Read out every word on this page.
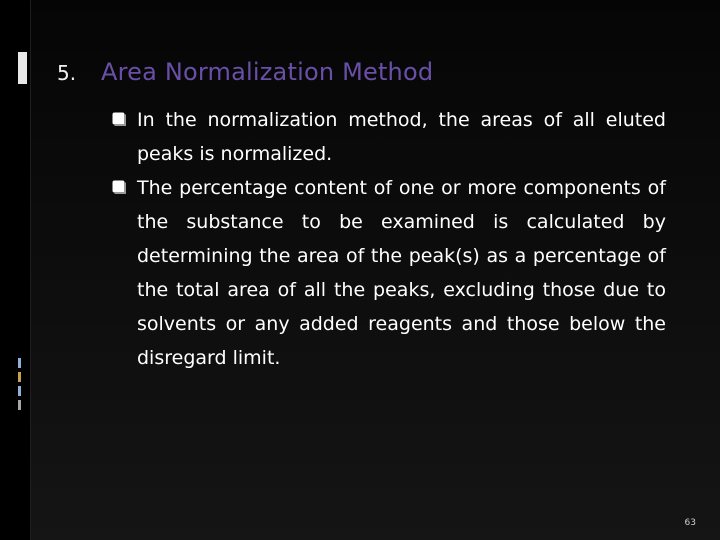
5.	Area Normalization Method
In the normalization method, the areas of all eluted peaks is normalized.
The percentage content of one or more components of the substance to be examined is calculated by determining the area of the peak(s) as a percentage of the total area of all the peaks, excluding those due to solvents or any added reagents and those below the disregard limit.
63
